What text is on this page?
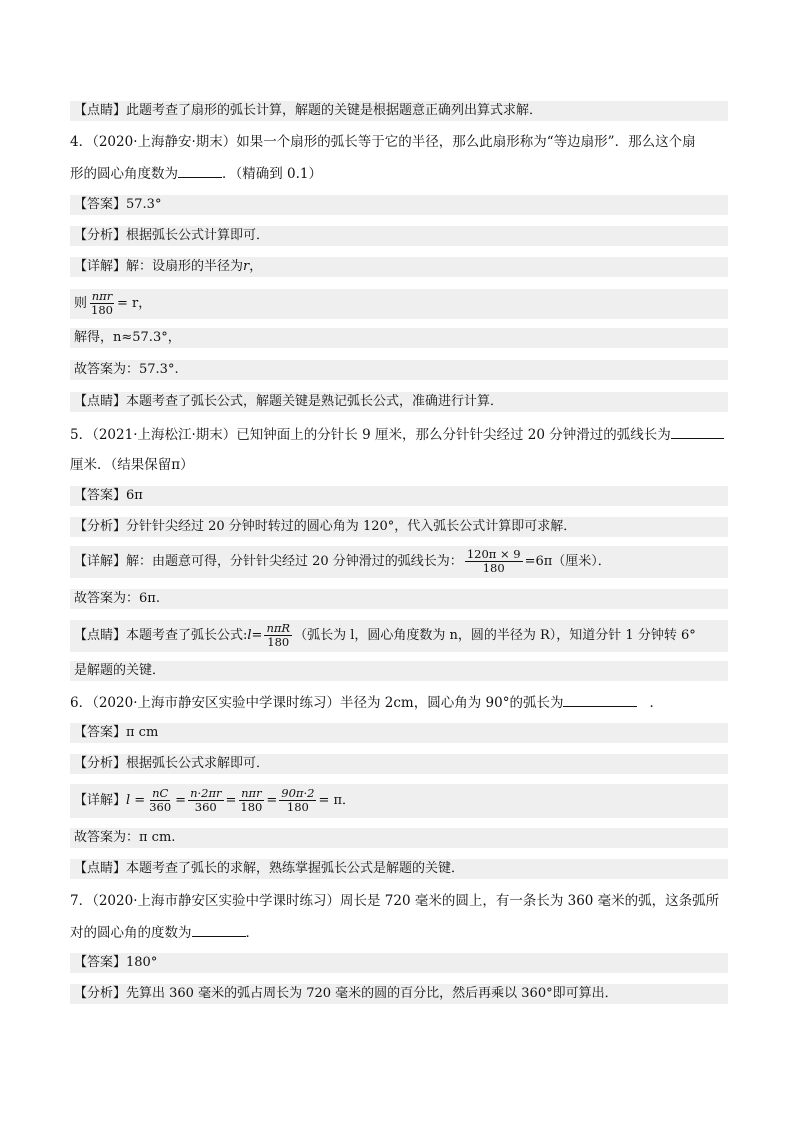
【点睛】此题考查了扇形的弧长计算，解题的关键是根据题意正确列出算式求解．
4．（2020·上海静安·期末）如果一个扇形的弧长等于它的半径，那么此扇形称为“等边扇形”．那么这个扇
形的圆心角度数为	．（精确到 0.1）
【答案】57.3°
【分析】根据弧长公式计算即可．
【详解】解：设扇形的半径为r，
则 $\frac{\text{nπr}}{180} = r$，
解得，n≈57.3°，
故答案为：57.3°.
【点睛】本题考查了弧长公式，解题关键是熟记弧长公式，准确进行计算．
5．（2021·上海松江·期末）已知钟面上的分针长 9 厘米，那么分针针尖经过 20 分钟滑过的弧线长为
厘米．（结果保留π）
【答案】6π
【分析】分针针尖经过 20 分钟时转过的圆心角为 120°，代入弧长公式计算即可求解．
【详解】解：由题意可得，分针针尖经过 20 分钟滑过的弧线长为： $\frac{120\pi \times 9}{180} =6\pi$（厘米）．
故答案为：6π.
【点睛】本题考查了弧长公式:l= $\frac{\text{nπR}}{180}$ （弧长为 l，圆心角度数为 n，圆的半径为 R），知道分针 1 分钟转 6°
是解题的关键．
6．（2020·上海市静安区实验中学课时练习）半径为 2cm，圆心角为 90°的弧长为	．
【答案】π cm
【分析】根据弧长公式求解即可．
【详解】$l = \frac{nC}{360} = \frac{n\cdot 2\pi r}{360} = \frac{\text{nπr}}{180} = \frac{90\pi\cdot 2}{180} = \pi$．
故答案为：π cm.
【点睛】本题考查了弧长的求解，熟练掌握弧长公式是解题的关键．
7．（2020·上海市静安区实验中学课时练习）周长是 720 毫米的圆上，有一条长为 360 毫米的弧，这条弧所
对的圆心角的度数为	．
【答案】180°
【分析】先算出 360 毫米的弧占周长为 720 毫米的圆的百分比，然后再乘以 360°即可算出．
